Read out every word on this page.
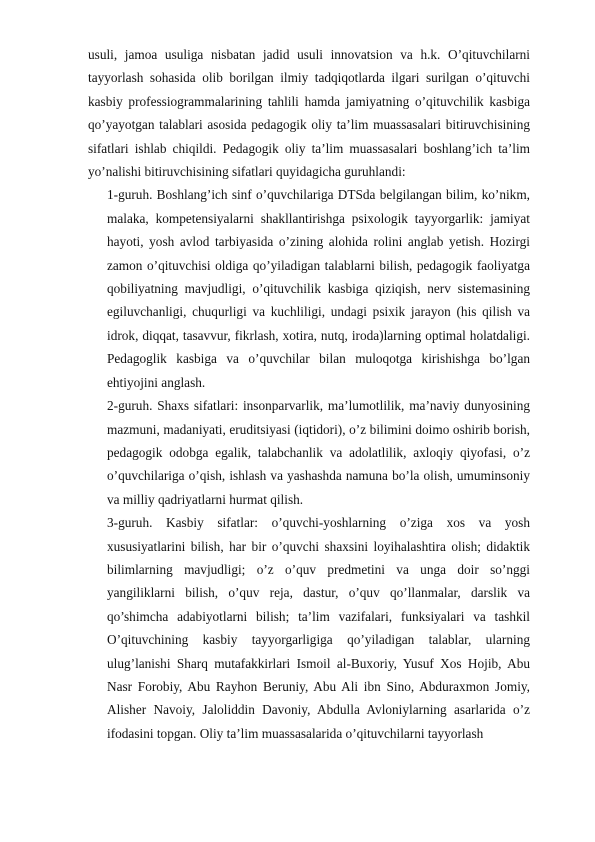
usuli, jamoa usuliga nisbatan jadid usuli innovatsion va h.k. O’qituvchilarni tayyorlash sohasida olib borilgan ilmiy tadqiqotlarda ilgari surilgan o’qituvchi kasbiy professiogrammalarining tahlili hamda jamiyatning o’qituvchilik kasbiga qo’yayotgan talablari asosida pedagogik oliy ta’lim muassasalari bitiruvchisining sifatlari ishlab chiqildi. Pedagogik oliy ta’lim muassasalari boshlang’ich ta’lim yo’nalishi bitiruvchisining sifatlari quyidagicha guruhlandi:

1-guruh. Boshlang’ich sinf o’quvchilariga DTSda belgilangan bilim, ko’nikm, malaka, kompetensiyalarni shakllantirishga psixologik tayyorgarlik: jamiyat hayoti, yosh avlod tarbiyasida o’zining alohida rolini anglab yetish. Hozirgi zamon o’qituvchisi oldiga qo’yiladigan talablarni bilish, pedagogik faoliyatga qobiliyatning mavjudligi, o’qituvchilik kasbiga qiziqish, nerv sistemasining egiluvchanligi, chuqurligi va kuchliligi, undagi psixik jarayon (his qilish va idrok, diqqat, tasavvur, fikrlash, xotira, nutq, iroda)larning optimal holatdaligi. Pedagoglik kasbiga va o’quvchilar bilan muloqotga kirishishga bo’lgan ehtiyojini anglash.

2-guruh. Shaxs sifatlari: insonparvarlik, ma’lumotlilik, ma’naviy dunyosining mazmuni, madaniyati, eruditsiyasi (iqtidori), o’z bilimini doimo oshirib borish, pedagogik odobga egalik, talabchanlik va adolatlilik, axloqiy qiyofasi, o’z o’quvchilariga o’qish, ishlash va yashashda namuna bo’la olish, umuminsoniy va milliy qadriyatlarni hurmat qilish.

3-guruh. Kasbiy sifatlar: o’quvchi-yoshlarning o’ziga xos va yosh xususiyatlarini bilish, har bir o’quvchi shaxsini loyihalashtira olish; didaktik bilimlarning mavjudligi; o’z o’quv predmetini va unga doir so’nggi yangiliklarni bilish, o’quv reja, dastur, o’quv qo’llanmalar, darslik va qo’shimcha adabiyotlarni bilish; ta’lim vazifalari, funksiyalari va tashkil O’qituvchining kasbiy tayyorgarligiga qo’yiladigan talablar, ularning ulug’lanishi Sharq mutafakkirlari Ismoil al-Buxoriy, Yusuf Xos Hojib, Abu Nasr Forobiy, Abu Rayhon Beruniy, Abu Ali ibn Sino, Abduraxmon Jomiy, Alisher Navoiy, Jaloliddin Davoniy, Abdulla Avloniylarning asarlarida o’z ifodasini topgan. Oliy ta’lim muassasalarida o’qituvchilarni tayyorlash
